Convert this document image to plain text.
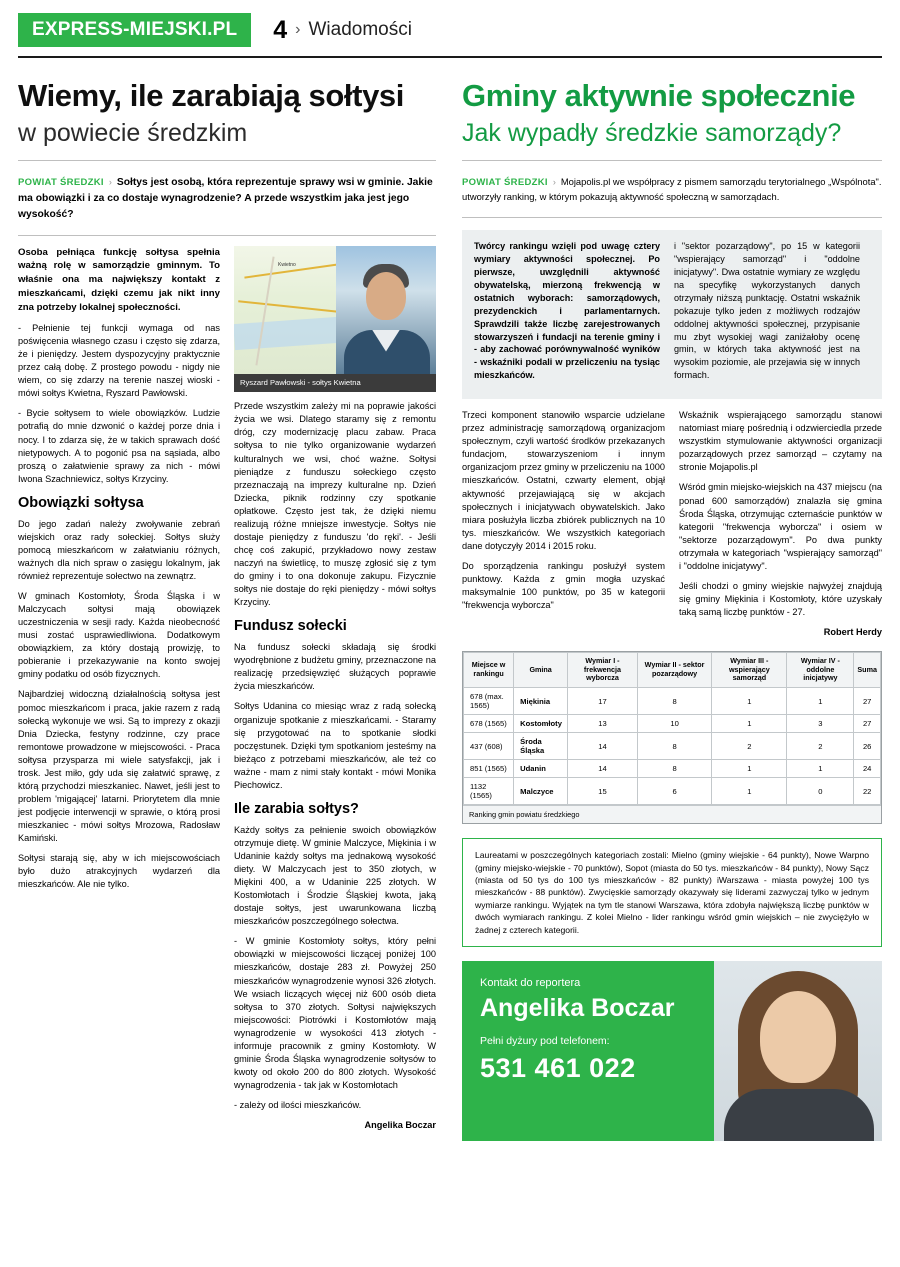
EXPRESS-MIEJSKI.PL	4 › Wiadomości
Wiemy, ile zarabiają sołtysi
w powiecie średzkim
POWIAT ŚREDZKI › Sołtys jest osobą, która reprezentuje sprawy wsi w gminie. Jakie ma obowiązki i za co dostaje wynagrodzenie? A przede wszystkim jaka jest jego wysokość?

Osoba pełniąca funkcję sołtysa spełnia ważną rolę w samorządzie gminnym. To właśnie ona ma największy kontakt z mieszkańcami, dzięki czemu jak nikt inny zna potrzeby lokalnej społeczności.

- Pełnienie tej funkcji wymaga od nas poświęcenia własnego czasu i często się zdarza, że i pieniędzy. Jestem dyspozycyjny praktycznie przez całą dobę. Z prostego powodu - nigdy nie wiem, co się zdarzy na terenie naszej wioski - mówi sołtys Kwietna, Ryszard Pawłowski.

- Bycie sołtysem to wiele obowiązków. Ludzie potrafią do mnie dzwonić o każdej porze dnia i nocy. I to zdarza się, że w takich sprawach dość nietypowych. A to pogonić psa na sąsiada, albo proszą o załatwienie sprawy za nich - mówi Iwona Szachniewicz, sołtys Krzyciny.

Obowiązki sołtysa

Do jego zadań należy zwoływanie zebrań wiejskich oraz rady sołeckiej. Sołtys służy pomocą mieszkańcom w załatwianiu różnych, ważnych dla nich spraw o zasięgu lokalnym, jak również reprezentuje sołectwo na zewnątrz.

W gminach Kostomłoty, Środa Śląska i w Malczycach sołtysi mają obowiązek uczestniczenia w sesji rady. Każda nieobecność musi zostać usprawiedliwiona. Dodatkowym obowiązkiem, za który dostają prowizję, to pobieranie i przekazywanie na konto swojej gminy podatku od osób fizycznych.

Najbardziej widoczną działalnością sołtysa jest pomoc mieszkańcom i praca, jakie razem z radą sołecką wykonuje we wsi. Są to imprezy z okazji Dnia Dziecka, festyny rodzinne, czy prace remontowe prowadzone w miejscowości. - Praca sołtysa przysparza mi wiele satysfakcji, jak i trosk. Jest miło, gdy uda się załatwić sprawę, z którą przychodzi mieszkaniec. Nawet, jeśli jest to problem 'migającej' latarni. Priorytetem dla mnie jest podjęcie interwencji w sprawie, o którą prosi mieszkaniec - mówi sołtys Mrozowa, Radosław Kamiński.

Sołtysi starają się, aby w ich miejscowościach było dużo atrakcyjnych wydarzeń dla mieszkańców. Ale nie tylko.

Kwietno
Ryszard Pawłowski - sołtys Kwietna

Przede wszystkim zależy mi na poprawie jakości życia we wsi. Dlatego staramy się z remontu dróg, czy modernizację placu zabaw. Praca sołtysa to nie tylko organizowanie wydarzeń kulturalnych we wsi, choć ważne. Sołtysi pieniądze z funduszu sołeckiego często przeznaczają na imprezy kulturalne np. Dzień Dziecka, piknik rodzinny czy spotkanie opłatkowe. Często jest tak, że dzięki niemu realizują różne mniejsze inwestycje. Sołtys nie dostaje pieniędzy z funduszu 'do ręki'. - Jeśli chcę coś zakupić, przykładowo nowy zestaw naczyń na świetlicę, to muszę zgłosić się z tym do gminy i to ona dokonuje zakupu. Fizycznie sołtys nie dostaje do ręki pieniędzy - mówi sołtys Krzyciny.

Fundusz sołecki

Na fundusz sołecki składają się środki wyodrębnione z budżetu gminy, przeznaczone na realizację przedsięwzięć służących poprawie życia mieszkańców.

Sołtys Udanina co miesiąc wraz z radą sołecką organizuje spotkanie z mieszkańcami. - Staramy się przygotować na to spotkanie słodki poczęstunek. Dzięki tym spotkaniom jesteśmy na bieżąco z potrzebami mieszkańców, ale też co ważne - mam z nimi stały kontakt - mówi Monika Piechowicz.

Ile zarabia sołtys?

Każdy sołtys za pełnienie swoich obowiązków otrzymuje dietę. W gminie Malczyce, Miękinia i w Udaninie każdy sołtys ma jednakową wysokość diety. W Malczycach jest to 350 złotych, w Miękini 400, a w Udaninie 225 złotych. W Kostomłotach i Środzie Śląskiej kwota, jaką dostaje sołtys, jest uwarunkowana liczbą mieszkańców poszczególnego sołectwa.

- W gminie Kostomłoty sołtys, który pełni obowiązki w miejscowości liczącej poniżej 100 mieszkańców, dostaje 283 zł. Powyżej 250 mieszkańców wynagrodzenie wynosi 326 złotych. We wsiach liczących więcej niż 600 osób dieta sołtysa to 370 złotych. Sołtysi największych miejscowości: Piotrówki i Kostomłotów mają wynagrodzenie w wysokości 413 złotych - informuje pracownik z gminy Kostomłoty. W gminie Środa Śląska wynagrodzenie sołtysów to kwoty od około 200 do 800 złotych. Wysokość wynagrodzenia - tak jak w Kostomłotach

- zależy od ilości mieszkańców.

Angelika Boczar
Gminy aktywnie społecznie
Jak wypadły średzkie samorządy?
POWIAT ŚREDZKI › Mojapolis.pl we współpracy z pismem samorządu terytorialnego „Wspólnota". utworzyły ranking, w którym pokazują aktywność społeczną w samorządach.

Twórcy rankingu wzięli pod uwagę cztery wymiary aktywności społecznej. Po pierwsze, uwzględnili aktywność obywatelską, mierzoną frekwencją w ostatnich wyborach: samorządowych, prezydenckich i parlamentarnych. Sprawdzili także liczbę zarejestrowanych stowarzyszeń i fundacji na terenie gminy i - aby zachować porównywalność wyników - wskaźniki podali w przeliczeniu na tysiąc mieszkańców.

i "sektor pozarządowy", po 15 w kategorii "wspierający samorząd" i "oddolne inicjatywy". Dwa ostatnie wymiary ze względu na specyfikę wykorzystanych danych otrzymały niższą punktację. Ostatni wskaźnik pokazuje tylko jeden z możliwych rodzajów oddolnej aktywności społecznej, przypisanie mu zbyt wysokiej wagi zaniżałoby ocenę gmin, w których taka aktywność jest na wysokim poziomie, ale przejawia się w innych formach.

Trzeci komponent stanowiło wsparcie udzielane przez administrację samorządową organizacjom społecznym, czyli wartość środków przekazanych fundacjom, stowarzyszeniom i innym organizacjom przez gminy w przeliczeniu na 1000 mieszkańców. Ostatni, czwarty element, objął aktywność przejawiającą się w akcjach społecznych i inicjatywach obywatelskich. Jako miara posłużyła liczba zbiórek publicznych na 10 tys. mieszkańców. We wszystkich kategoriach dane dotyczyły 2014 i 2015 roku.

Do sporządzenia rankingu posłużył system punktowy. Każda z gmin mogła uzyskać maksymalnie 100 punktów, po 35 w kategorii "frekwencja wyborcza"

Wskaźnik wspierającego samorządu stanowi natomiast miarę pośrednią i odzwierciedla przede wszystkim stymulowanie aktywności organizacji pozarządowych przez samorząd – czytamy na stronie Mojapolis.pl

Wśród gmin miejsko-wiejskich na 437 miejscu (na ponad 600 samorządów) znalazła się gmina Środa Śląska, otrzymując czternaście punktów w kategorii "frekwencja wyborcza" i osiem w "sektorze pozarządowym". Po dwa punkty otrzymała w kategoriach "wspierający samorząd" i "oddolne inicjatywy".

Jeśli chodzi o gminy wiejskie najwyżej znajdują się gminy Miękinia i Kostomłoty, które uzyskały taką samą liczbę punktów - 27.

Robert Herdy
Miejsce w rankingu	Gmina	Wymiar I - frekwencja wyborcza	Wymiar II - sektor pozarządowy	Wymiar III - wspierający samorząd	Wymiar IV - oddolne inicjatywy	Suma
678 (max. 1565)	Miękinia	17	8	1	1	27
678 (1565)	Kostomłoty	13	10	1	3	27
437 (608)	Środa Śląska	14	8	2	2	26
851 (1565)	Udanin	14	8	1	1	24
1132 (1565)	Malczyce	15	6	1	0	22
Ranking gmin powiatu średzkiego
Laureatami w poszczególnych kategoriach zostali: Mielno (gminy wiejskie - 64 punkty), Nowe Warpno (gminy miejsko-wiejskie - 70 punktów), Sopot (miasta do 50 tys. mieszkańców - 84 punkty), Nowy Sącz (miasta od 50 tys do 100 tys mieszkańców - 82 punkty) iWarszawa - miasta powyżej 100 tys mieszkańców - 88 punktów). Zwycięskie samorządy okazywały się liderami zazwyczaj tylko w jednym wymiarze rankingu. Wyjątek na tym tle stanowi Warszawa, która zdobyła największą liczbę punktów w dwóch wymiarach rankingu. Z kolei Mielno - lider rankingu wśród gmin wiejskich – nie zwyciężyło w żadnej z czterech kategorii.
Kontakt do reportera
Angelika Boczar
Pełni dyżury pod telefonem:
531 461 022
